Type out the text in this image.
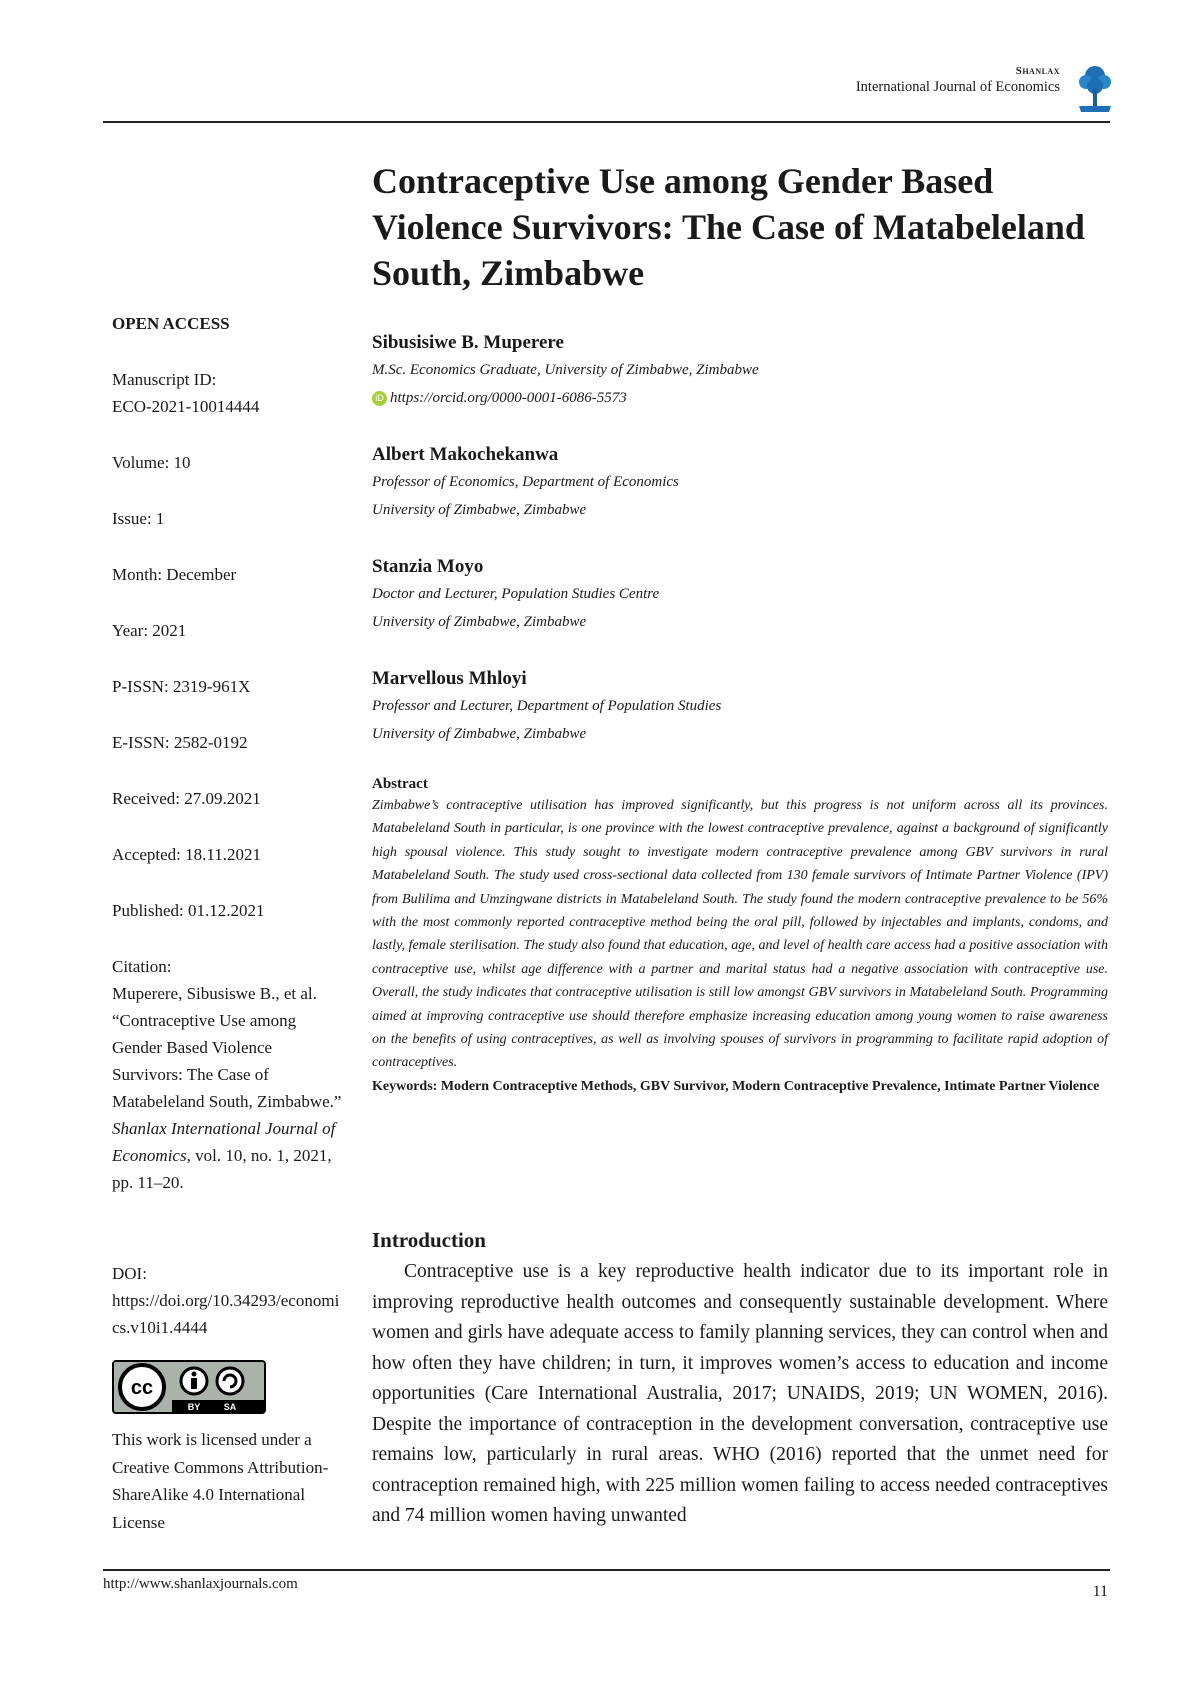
Shanlax
International Journal of Economics
Contraceptive Use among Gender Based Violence Survivors: The Case of Matabeleland South, Zimbabwe
OPEN ACCESS
Manuscript ID:
ECO-2021-10014444
Volume: 10
Issue: 1
Month: December
Year: 2021
P-ISSN: 2319-961X
E-ISSN: 2582-0192
Received: 27.09.2021
Accepted: 18.11.2021
Published: 01.12.2021
Citation:
Muperere, Sibusiswe B., et al. “Contraceptive Use among Gender Based Violence Survivors: The Case of Matabeleland South, Zimbabwe.” Shanlax International Journal of Economics, vol. 10, no. 1, 2021, pp. 11–20.
DOI:
https://doi.org/10.34293/economics.v10i1.4444
cc
BY	SA
This work is licensed under a Creative Commons Attribution-ShareAlike 4.0 International License
Sibusisiwe B. Muperere
M.Sc. Economics Graduate, University of Zimbabwe, Zimbabwe
iD https://orcid.org/0000-0001-6086-5573
Albert Makochekanwa
Professor of Economics, Department of Economics
University of Zimbabwe, Zimbabwe
Stanzia Moyo
Doctor and Lecturer, Population Studies Centre
University of Zimbabwe, Zimbabwe
Marvellous Mhloyi
Professor and Lecturer, Department of Population Studies
University of Zimbabwe, Zimbabwe
Abstract
Zimbabwe’s contraceptive utilisation has improved significantly, but this progress is not uniform across all its provinces. Matabeleland South in particular, is one province with the lowest contraceptive prevalence, against a background of significantly high spousal violence. This study sought to investigate modern contraceptive prevalence among GBV survivors in rural Matabeleland South. The study used cross-sectional data collected from 130 female survivors of Intimate Partner Violence (IPV) from Bulilima and Umzingwane districts in Matabeleland South. The study found the modern contraceptive prevalence to be 56% with the most commonly reported contraceptive method being the oral pill, followed by injectables and implants, condoms, and lastly, female sterilisation. The study also found that education, age, and level of health care access had a positive association with contraceptive use, whilst age difference with a partner and marital status had a negative association with contraceptive use. Overall, the study indicates that contraceptive utilisation is still low amongst GBV survivors in Matabeleland South. Programming aimed at improving contraceptive use should therefore emphasize increasing education among young women to raise awareness on the benefits of using contraceptives, as well as involving spouses of survivors in programming to facilitate rapid adoption of contraceptives.
Keywords: Modern Contraceptive Methods, GBV Survivor, Modern Contraceptive Prevalence, Intimate Partner Violence
Introduction
Contraceptive use is a key reproductive health indicator due to its important role in improving reproductive health outcomes and consequently sustainable development. Where women and girls have adequate access to family planning services, they can control when and how often they have children; in turn, it improves women’s access to education and income opportunities (Care International Australia, 2017; UNAIDS, 2019; UN WOMEN, 2016). Despite the importance of contraception in the development conversation, contraceptive use remains low, particularly in rural areas. WHO (2016) reported that the unmet need for contraception remained high, with 225 million women failing to access needed contraceptives and 74 million women having unwanted
http://www.shanlaxjournals.com	11
